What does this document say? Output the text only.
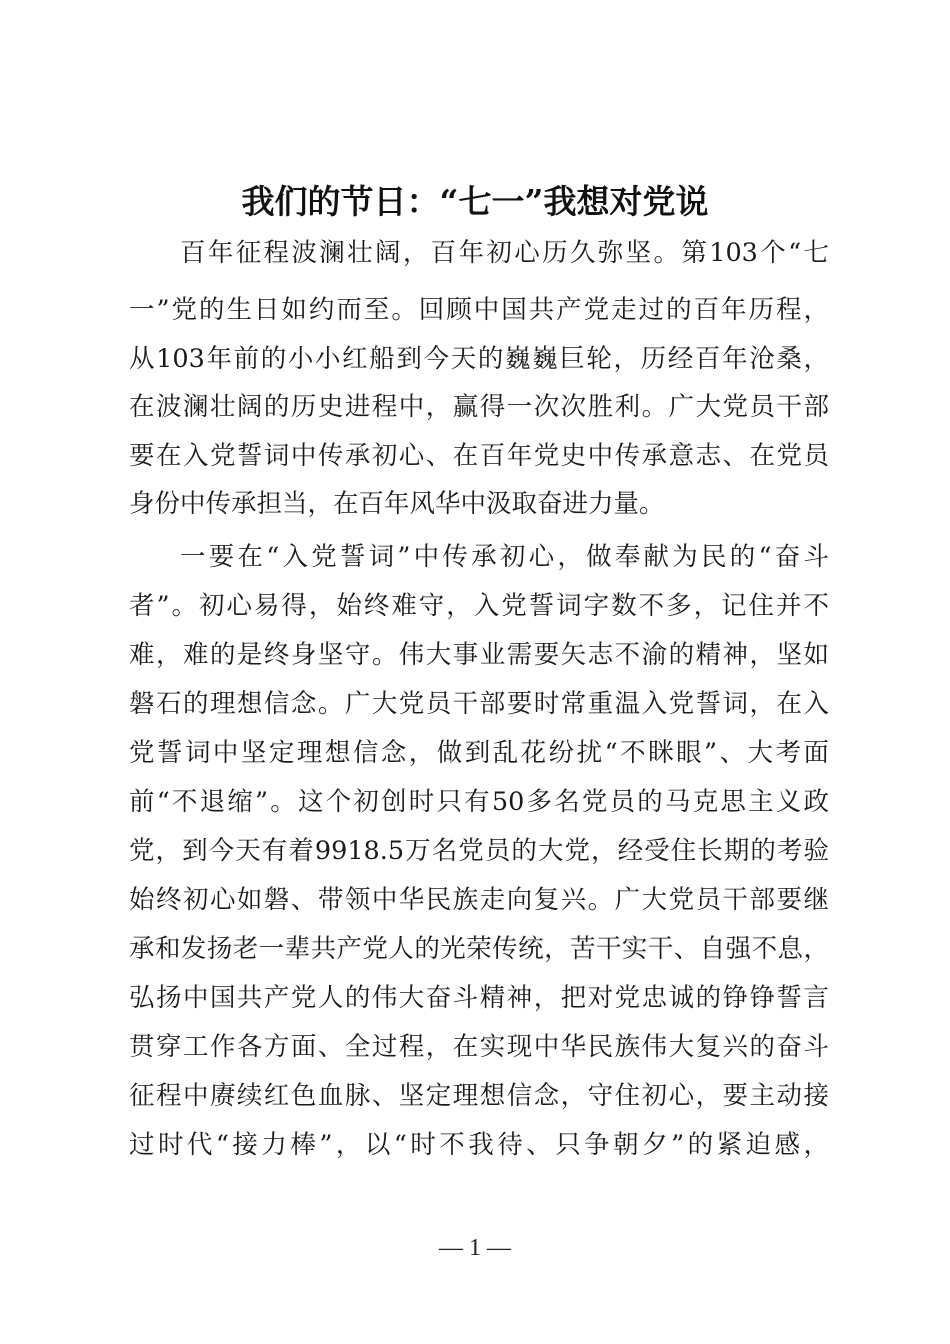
我们的节日：“七一”我想对党说
百年征程波澜壮阔，百年初心历久弥坚。第103个“七
一”党的生日如约而至。回顾中国共产党走过的百年历程，
从103年前的小小红船到今天的巍巍巨轮，历经百年沧桑，
在波澜壮阔的历史进程中，赢得一次次胜利。广大党员干部
要在入党誓词中传承初心、在百年党史中传承意志、在党员
身份中传承担当，在百年风华中汲取奋进力量。
一要在“入党誓词”中传承初心，做奉献为民的“奋斗
者”。初心易得，始终难守，入党誓词字数不多，记住并不
难，难的是终身坚守。伟大事业需要矢志不渝的精神，坚如
磐石的理想信念。广大党员干部要时常重温入党誓词，在入
党誓词中坚定理想信念，做到乱花纷扰“不眯眼”、大考面
前“不退缩”。这个初创时只有50多名党员的马克思主义政
党，到今天有着9918.5万名党员的大党，经受住长期的考验
始终初心如磐、带领中华民族走向复兴。广大党员干部要继
承和发扬老一辈共产党人的光荣传统，苦干实干、自强不息，
弘扬中国共产党人的伟大奋斗精神，把对党忠诚的铮铮誓言
贯穿工作各方面、全过程，在实现中华民族伟大复兴的奋斗
征程中赓续红色血脉、坚定理想信念，守住初心，要主动接
过时代“接力棒”，以“时不我待、只争朝夕”的紧迫感，
— 1 —
